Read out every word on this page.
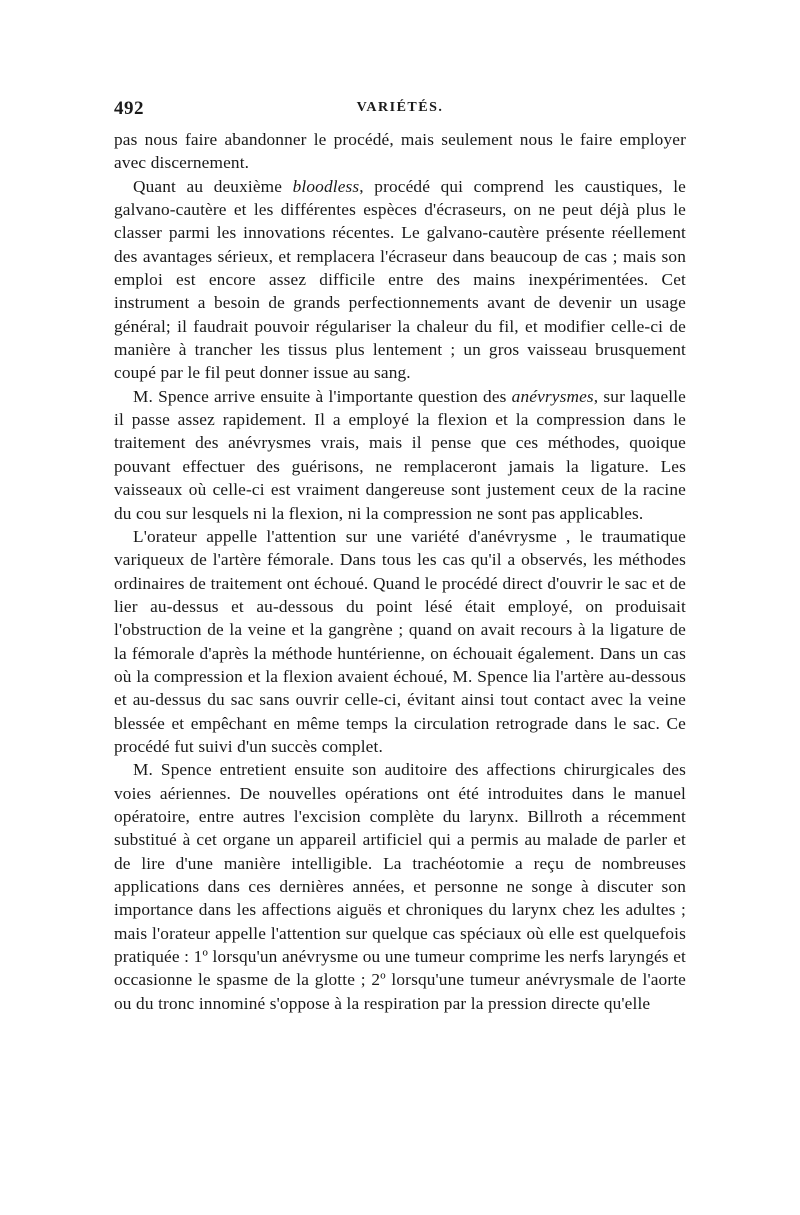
492	VARIÉTÉS.

pas nous faire abandonner le procédé, mais seulement nous le faire employer avec discernement.

Quant au deuxième bloodless, procédé qui comprend les caustiques, le galvano-cautère et les différentes espèces d'écraseurs, on ne peut déjà plus le classer parmi les innovations récentes. Le galvano-cautère présente réellement des avantages sérieux, et remplacera l'écraseur dans beaucoup de cas ; mais son emploi est encore assez difficile entre des mains inexpérimentées. Cet instrument a besoin de grands perfectionnements avant de devenir un usage général; il faudrait pouvoir régulariser la chaleur du fil, et modifier celle-ci de manière à trancher les tissus plus lentement ; un gros vaisseau brusquement coupé par le fil peut donner issue au sang.

M. Spence arrive ensuite à l'importante question des anévrysmes, sur laquelle il passe assez rapidement. Il a employé la flexion et la compression dans le traitement des anévrysmes vrais, mais il pense que ces méthodes, quoique pouvant effectuer des guérisons, ne remplaceront jamais la ligature. Les vaisseaux où celle-ci est vraiment dangereuse sont justement ceux de la racine du cou sur lesquels ni la flexion, ni la compression ne sont pas applicables.

L'orateur appelle l'attention sur une variété d'anévrysme , le traumatique variqueux de l'artère fémorale. Dans tous les cas qu'il a observés, les méthodes ordinaires de traitement ont échoué. Quand le procédé direct d'ouvrir le sac et de lier au-dessus et au-dessous du point lésé était employé, on produisait l'obstruction de la veine et la gangrène ; quand on avait recours à la ligature de la fémorale d'après la méthode huntérienne, on échouait également. Dans un cas où la compression et la flexion avaient échoué, M. Spence lia l'artère au-dessous et au-dessus du sac sans ouvrir celle-ci, évitant ainsi tout contact avec la veine blessée et empêchant en même temps la circulation retrograde dans le sac. Ce procédé fut suivi d'un succès complet.

M. Spence entretient ensuite son auditoire des affections chirurgicales des voies aériennes. De nouvelles opérations ont été introduites dans le manuel opératoire, entre autres l'excision complète du larynx. Billroth a récemment substitué à cet organe un appareil artificiel qui a permis au malade de parler et de lire d'une manière intelligible. La trachéotomie a reçu de nombreuses applications dans ces dernières années, et personne ne songe à discuter son importance dans les affections aiguës et chroniques du larynx chez les adultes ; mais l'orateur appelle l'attention sur quelque cas spéciaux où elle est quelquefois pratiquée : 1º lorsqu'un anévrysme ou une tumeur comprime les nerfs laryngés et occasionne le spasme de la glotte ; 2º lorsqu'une tumeur anévrysmale de l'aorte ou du tronc innominé s'oppose à la respiration par la pression directe qu'elle
